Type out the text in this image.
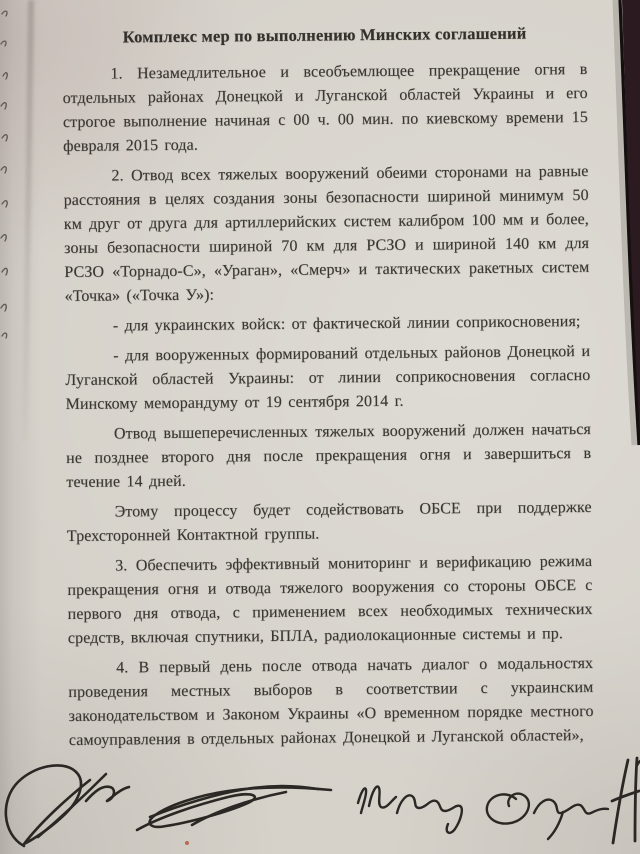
Комплекс мер по выполнению Минских соглашений

1. Незамедлительное и всеобъемлющее прекращение огня в отдельных районах Донецкой и Луганской областей Украины и его строгое выполнение начиная с 00 ч. 00 мин. по киевскому времени 15 февраля 2015 года.

2. Отвод всех тяжелых вооружений обеими сторонами на равные расстояния в целях создания зоны безопасности шириной минимум 50 км друг от друга для артиллерийских систем калибром 100 мм и более, зоны безопасности шириной 70 км для РСЗО и шириной 140 км для РСЗО «Торнадо-С», «Ураган», «Смерч» и тактических ракетных систем «Точка» («Точка У»):

- для украинских войск: от фактической линии соприкосновения;

- для вооруженных формирований отдельных районов Донецкой и Луганской областей Украины: от линии соприкосновения согласно Минскому меморандуму от 19 сентября 2014 г.

Отвод вышеперечисленных тяжелых вооружений должен начаться не позднее второго дня после прекращения огня и завершиться в течение 14 дней.

Этому процессу будет содействовать ОБСЕ при поддержке Трехсторонней Контактной группы.

3. Обеспечить эффективный мониторинг и верификацию режима прекращения огня и отвода тяжелого вооружения со стороны ОБСЕ с первого дня отвода, с применением всех необходимых технических средств, включая спутники, БПЛА, радиолокационные системы и пр.

4. В первый день после отвода начать диалог о модальностях проведения местных выборов в соответствии с украинским законодательством и Законом Украины «О временном порядке местного самоуправления в отдельных районах Донецкой и Луганской областей»,
